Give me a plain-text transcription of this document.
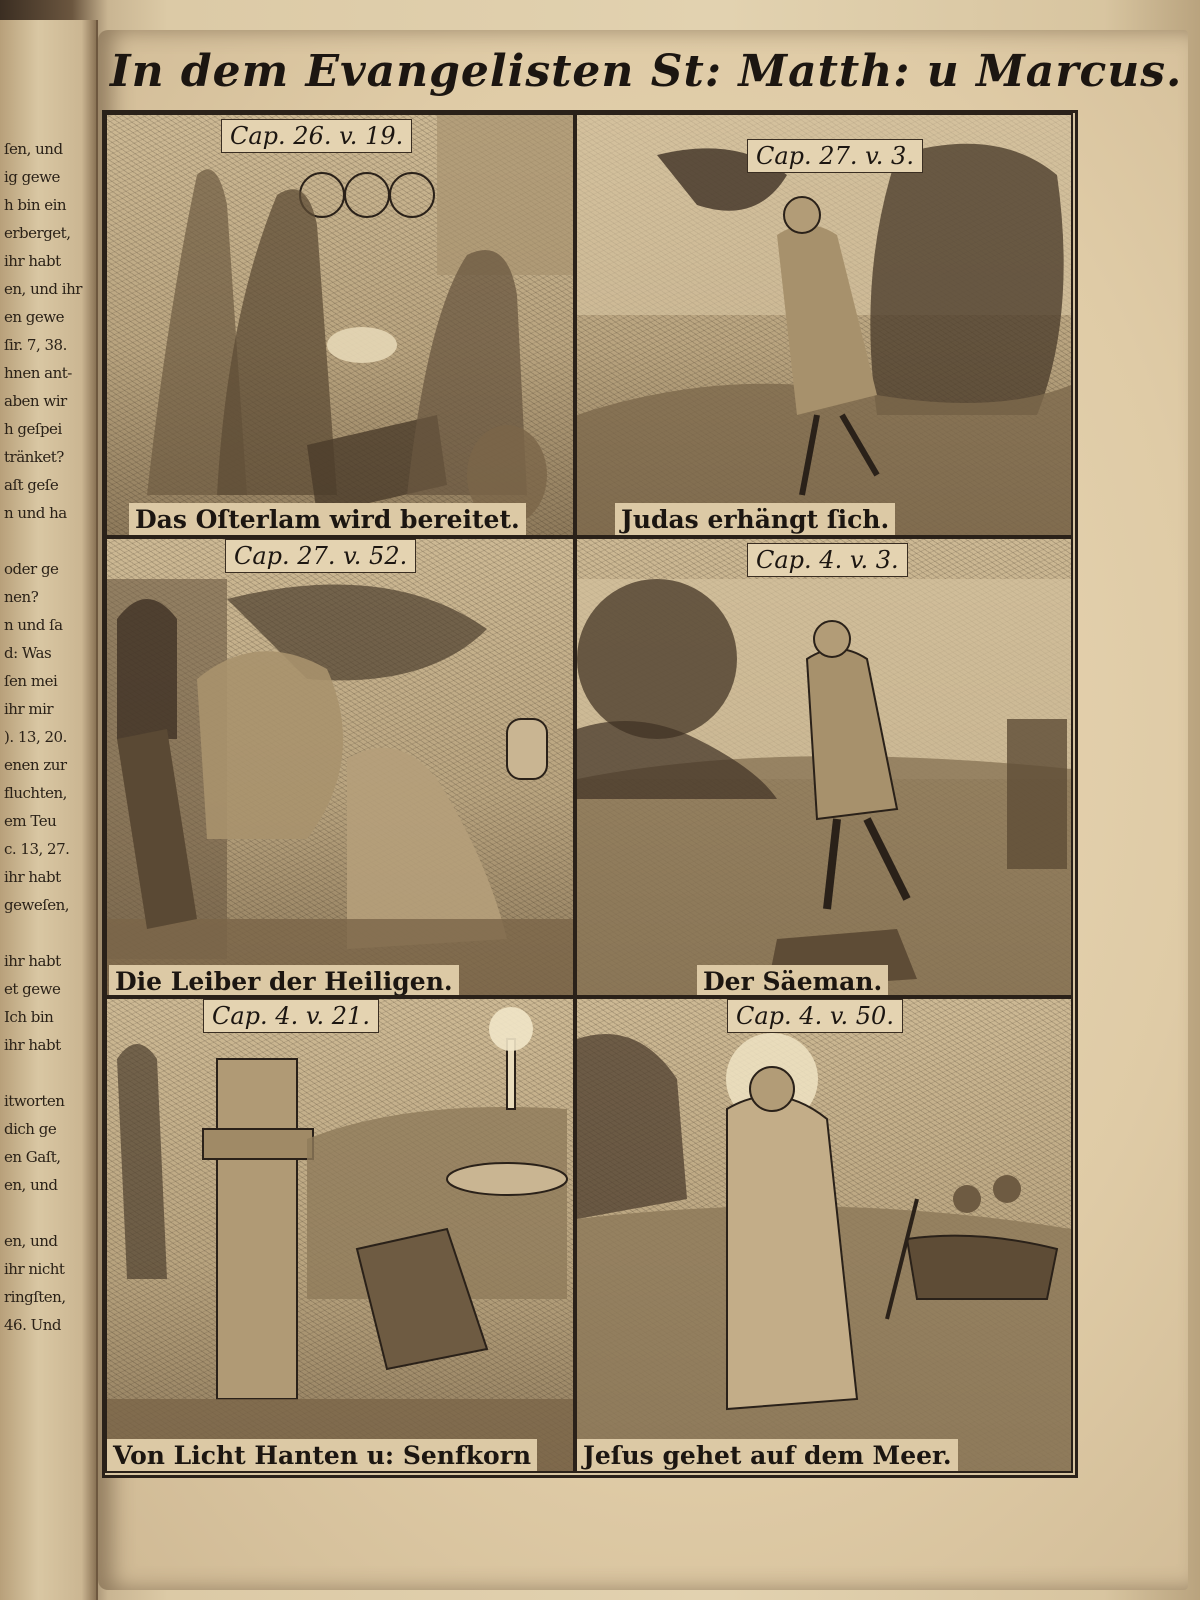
ſen, und
ig gewe
h bin ein
erberget,
ihr habt
en, und ihr
en gewe
ſir. 7, 38.
hnen ant-
aben wir
h geſpei
tränket?
aſt geſe
n und ha
oder ge
nen?
n und ſa
d: Was
ſen mei
ihr mir
). 13, 20.
enen zur
fluchten,
em Teu
c. 13, 27.
ihr habt
geweſen,
ihr habt
et gewe
Ich bin
ihr habt
itworten
dich ge
en Gaſt,
en, und
en, und
ihr nicht
ringſten,
46. Und
In dem Evangelisten St: Matth: u Marcus.
Das Oſterlam wird bereitet.
Cap. 26. v. 19.
Judas erhängt ſich.
Cap. 27. v. 3.
Die Leiber der Heiligen.
Cap. 27. v. 52.
Der Säeman.
Cap. 4. v. 3.
Von Licht Hanten u: Senfkorn
Cap. 4. v. 21.
Jeſus gehet auf dem Meer.
Cap. 4. v. 50.
